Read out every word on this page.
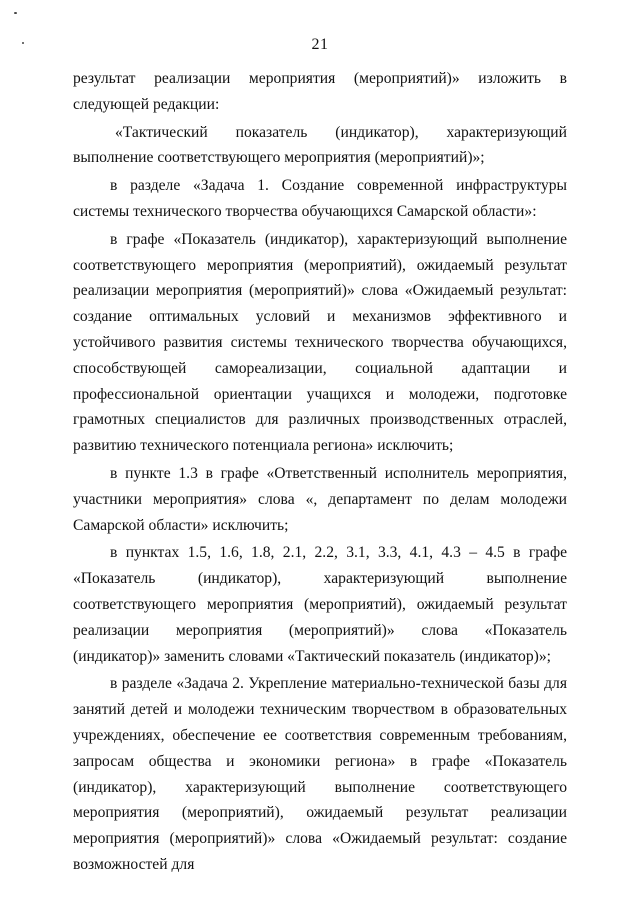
21

результат реализации мероприятия (мероприятий)» изложить в следующей редакции:

«Тактический показатель (индикатор), характеризующий выполнение соответствующего мероприятия (мероприятий)»;

в разделе «Задача 1. Создание современной инфраструктуры системы технического творчества обучающихся Самарской области»:

в графе «Показатель (индикатор), характеризующий выполнение соответствующего мероприятия (мероприятий), ожидаемый результат реализации мероприятия (мероприятий)» слова «Ожидаемый результат: создание оптимальных условий и механизмов эффективного и устойчивого развития системы технического творчества обучающихся, способствующей самореализации, социальной адаптации и профессиональной ориентации учащихся и молодежи, подготовке грамотных специалистов для различных производственных отраслей, развитию технического потенциала региона» исключить;

в пункте 1.3 в графе «Ответственный исполнитель мероприятия, участники мероприятия» слова «, департамент по делам молодежи Самарской области» исключить;

в пунктах 1.5, 1.6, 1.8, 2.1, 2.2, 3.1, 3.3, 4.1, 4.3 – 4.5 в графе «Показатель (индикатор), характеризующий выполнение соответствующего мероприятия (мероприятий), ожидаемый результат реализации мероприятия (мероприятий)» слова «Показатель (индикатор)» заменить словами «Тактический показатель (индикатор)»;

в разделе «Задача 2. Укрепление материально-технической базы для занятий детей и молодежи техническим творчеством в образовательных учреждениях, обеспечение ее соответствия современным требованиям, запросам общества и экономики региона» в графе «Показатель (индикатор), характеризующий выполнение соответствующего мероприятия (мероприятий), ожидаемый результат реализации мероприятия (мероприятий)» слова «Ожидаемый результат: создание возможностей для
